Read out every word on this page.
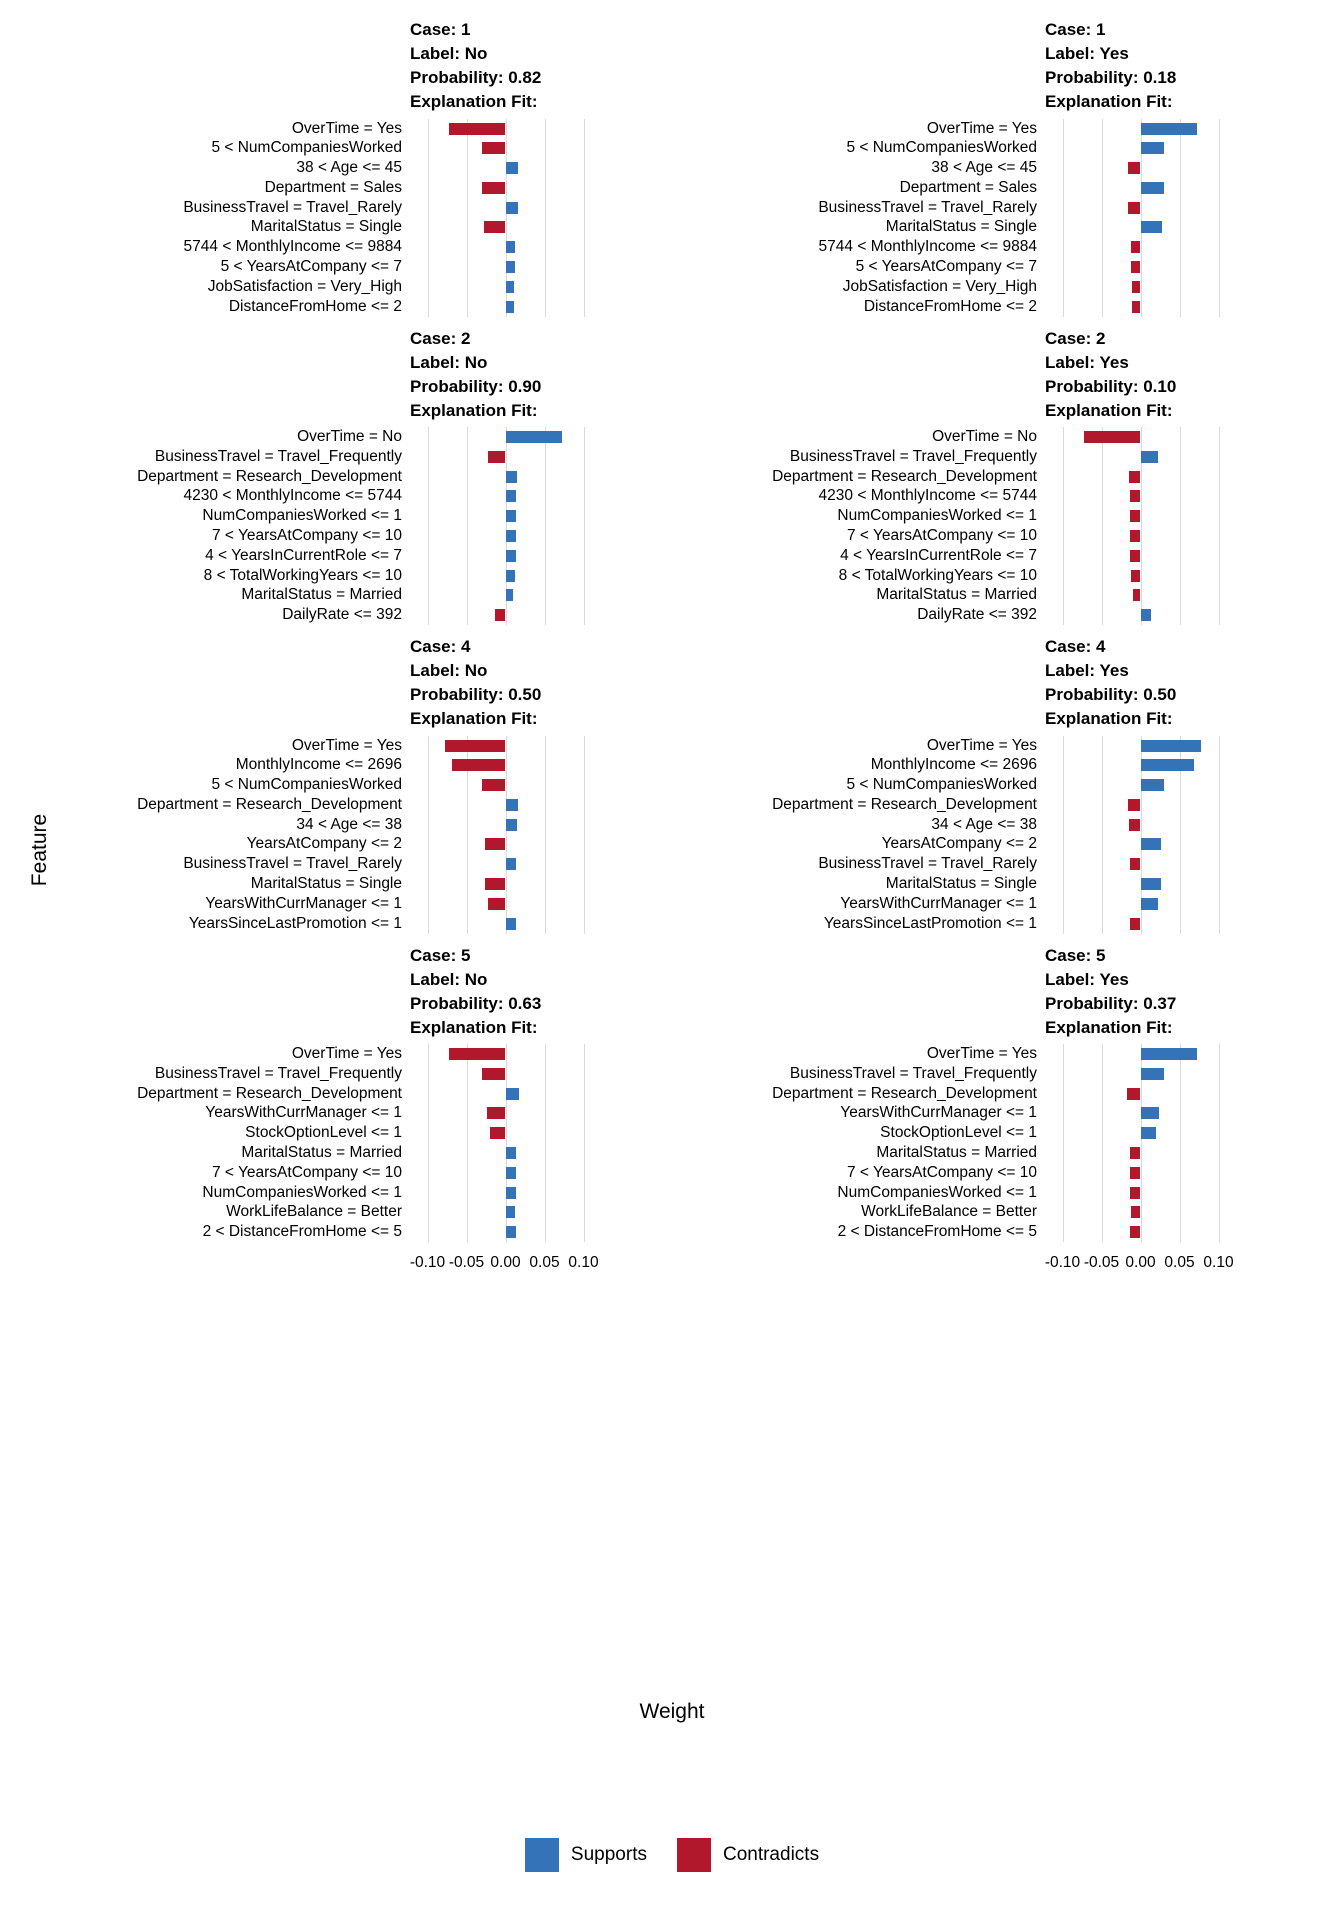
Feature
Case: 1
Label: No
Probability: 0.82
Explanation Fit:
OverTime = Yes
5 < NumCompaniesWorked
38 < Age <= 45
Department = Sales
BusinessTravel = Travel_Rarely
MaritalStatus = Single
5744 < MonthlyIncome <= 9884
5 < YearsAtCompany <= 7
JobSatisfaction = Very_High
DistanceFromHome <= 2
Case: 1
Label: Yes
Probability: 0.18
Explanation Fit:
OverTime = Yes
5 < NumCompaniesWorked
38 < Age <= 45
Department = Sales
BusinessTravel = Travel_Rarely
MaritalStatus = Single
5744 < MonthlyIncome <= 9884
5 < YearsAtCompany <= 7
JobSatisfaction = Very_High
DistanceFromHome <= 2
Case: 2
Label: No
Probability: 0.90
Explanation Fit:
OverTime = No
BusinessTravel = Travel_Frequently
Department = Research_Development
4230 < MonthlyIncome <= 5744
NumCompaniesWorked <= 1
7 < YearsAtCompany <= 10
4 < YearsInCurrentRole <= 7
8 < TotalWorkingYears <= 10
MaritalStatus = Married
DailyRate <= 392
Case: 2
Label: Yes
Probability: 0.10
Explanation Fit:
OverTime = No
BusinessTravel = Travel_Frequently
Department = Research_Development
4230 < MonthlyIncome <= 5744
NumCompaniesWorked <= 1
7 < YearsAtCompany <= 10
4 < YearsInCurrentRole <= 7
8 < TotalWorkingYears <= 10
MaritalStatus = Married
DailyRate <= 392
Case: 4
Label: No
Probability: 0.50
Explanation Fit:
OverTime = Yes
MonthlyIncome <= 2696
5 < NumCompaniesWorked
Department = Research_Development
34 < Age <= 38
YearsAtCompany <= 2
BusinessTravel = Travel_Rarely
MaritalStatus = Single
YearsWithCurrManager <= 1
YearsSinceLastPromotion <= 1
Case: 4
Label: Yes
Probability: 0.50
Explanation Fit:
OverTime = Yes
MonthlyIncome <= 2696
5 < NumCompaniesWorked
Department = Research_Development
34 < Age <= 38
YearsAtCompany <= 2
BusinessTravel = Travel_Rarely
MaritalStatus = Single
YearsWithCurrManager <= 1
YearsSinceLastPromotion <= 1
Case: 5
Label: No
Probability: 0.63
Explanation Fit:
OverTime = Yes
BusinessTravel = Travel_Frequently
Department = Research_Development
YearsWithCurrManager <= 1
StockOptionLevel <= 1
MaritalStatus = Married
7 < YearsAtCompany <= 10
NumCompaniesWorked <= 1
WorkLifeBalance = Better
2 < DistanceFromHome <= 5
Case: 5
Label: Yes
Probability: 0.37
Explanation Fit:
OverTime = Yes
BusinessTravel = Travel_Frequently
Department = Research_Development
YearsWithCurrManager <= 1
StockOptionLevel <= 1
MaritalStatus = Married
7 < YearsAtCompany <= 10
NumCompaniesWorked <= 1
WorkLifeBalance = Better
2 < DistanceFromHome <= 5
-0.10 -0.05 0.00 0.05 0.10	-0.10 -0.05 0.00 0.05 0.10
Weight
Supports	Contradicts
